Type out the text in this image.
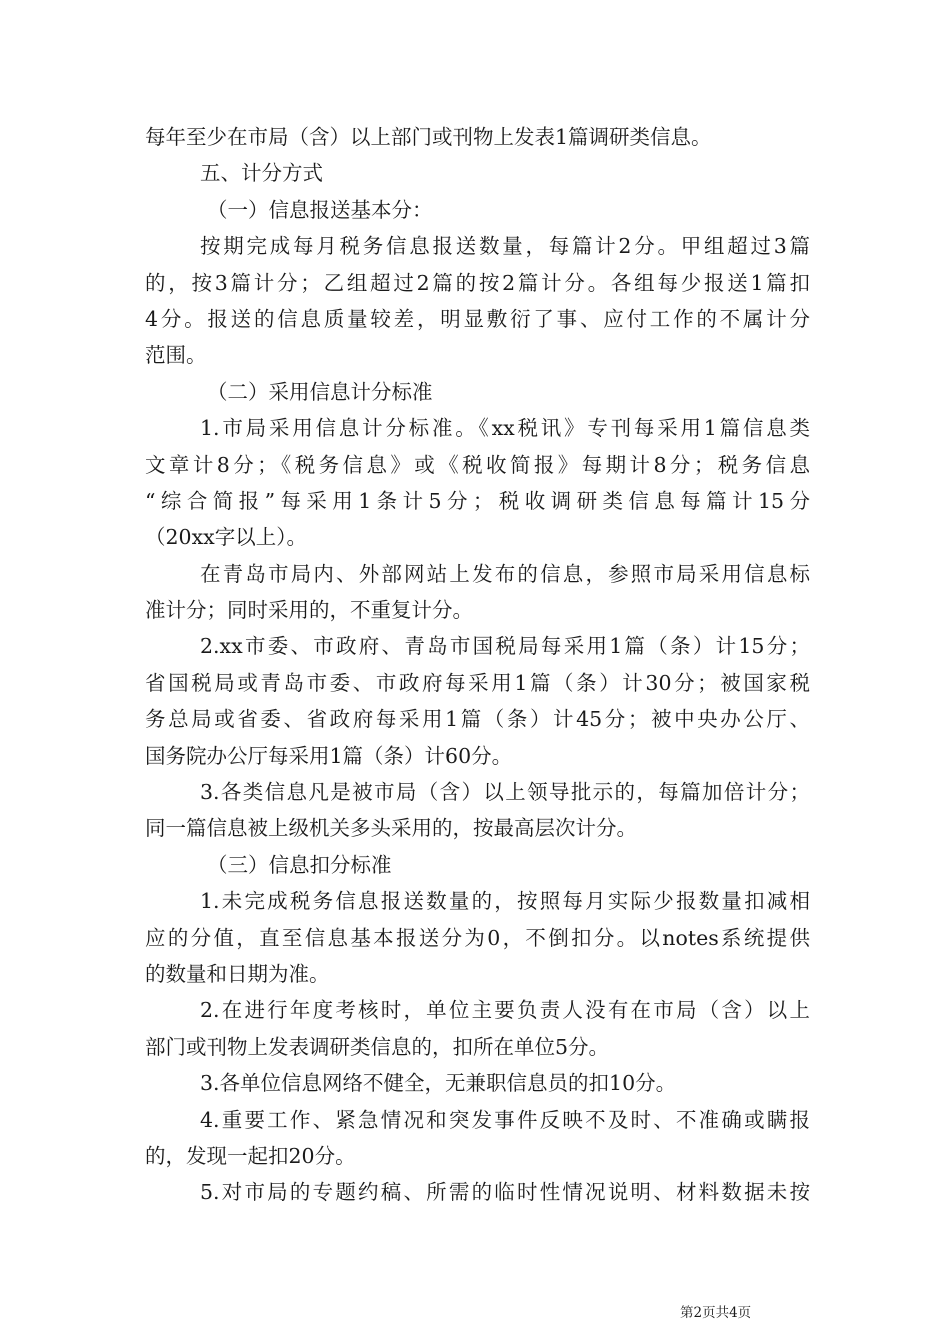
每年至少在市局（含）以上部门或刊物上发表1篇调研类信息。
五、计分方式
（一）信息报送基本分：
按期完成每月税务信息报送数量，每篇计2分。甲组超过3篇
的，按3篇计分；乙组超过2篇的按2篇计分。各组每少报送1篇扣
4分。报送的信息质量较差，明显敷衍了事、应付工作的不属计分
范围。
（二）采用信息计分标准
1.市局采用信息计分标准。《xx税讯》专刊每采用1篇信息类
文章计8分；《税务信息》或《税收简报》每期计8分；税务信息
“综合简报”每采用1条计5分；税收调研类信息每篇计15分
（20xx字以上）。
在青岛市局内、外部网站上发布的信息，参照市局采用信息标
准计分；同时采用的，不重复计分。
2.xx市委、市政府、青岛市国税局每采用1篇（条）计15分；
省国税局或青岛市委、市政府每采用1篇（条）计30分；被国家税
务总局或省委、省政府每采用1篇（条）计45分；被中央办公厅、
国务院办公厅每采用1篇（条）计60分。
3.各类信息凡是被市局（含）以上领导批示的，每篇加倍计分；
同一篇信息被上级机关多头采用的，按最高层次计分。
（三）信息扣分标准
1.未完成税务信息报送数量的，按照每月实际少报数量扣减相
应的分值，直至信息基本报送分为0，不倒扣分。以notes系统提供
的数量和日期为准。
2.在进行年度考核时，单位主要负责人没有在市局（含）以上
部门或刊物上发表调研类信息的，扣所在单位5分。
3.各单位信息网络不健全，无兼职信息员的扣10分。
4.重要工作、紧急情况和突发事件反映不及时、不准确或瞒报
的，发现一起扣20分。
5.对市局的专题约稿、所需的临时性情况说明、材料数据未按
第2页共4页
